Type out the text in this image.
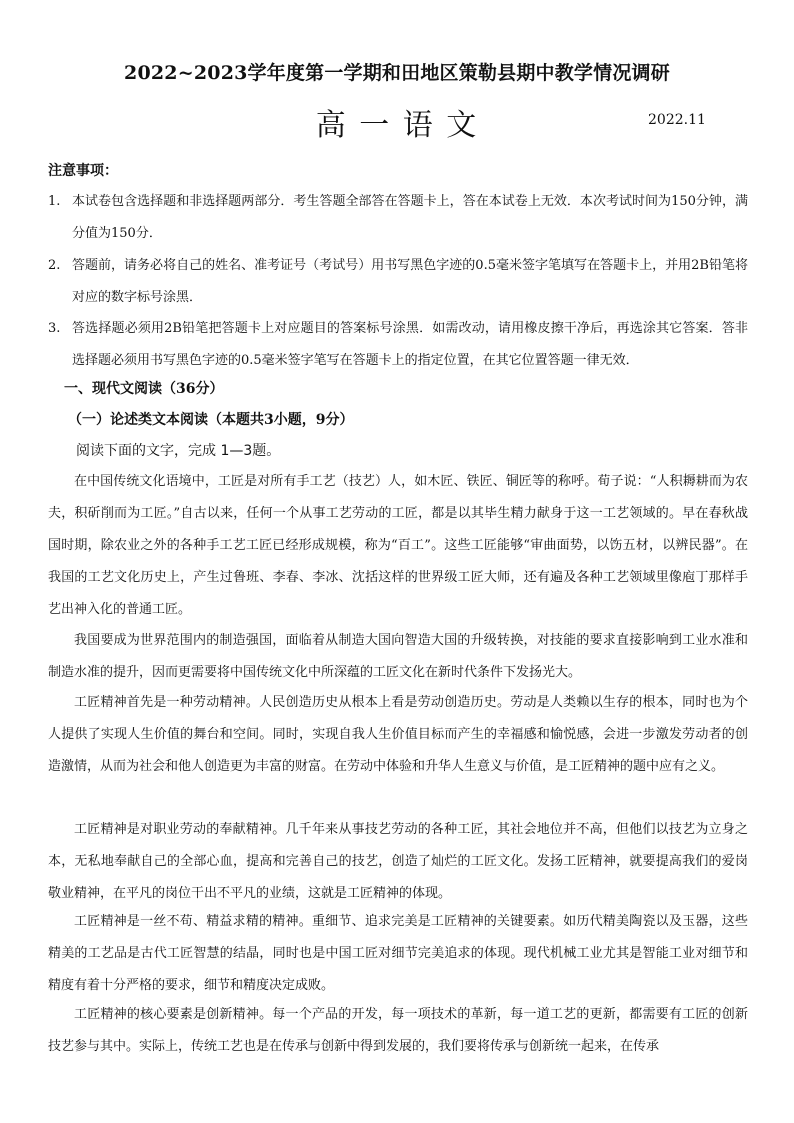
2022~2023学年度第一学期和田地区策勒县期中教学情况调研
高 一 语 文	2022.11
注意事项：
1. 本试卷包含选择题和非选择题两部分．考生答题全部答在答题卡上，答在本试卷上无效．本次考试时间为150分钟，满分值为150分．
2. 答题前，请务必将自己的姓名、准考证号（考试号）用书写黑色字迹的0.5毫米签字笔填写在答题卡上，并用2B铅笔将对应的数字标号涂黑．
3. 答选择题必须用2B铅笔把答题卡上对应题目的答案标号涂黑．如需改动，请用橡皮擦干净后，再选涂其它答案．答非选择题必须用书写黑色字迹的0.5毫米签字笔写在答题卡上的指定位置，在其它位置答题一律无效．
一、现代文阅读（36分）
（一）论述类文本阅读（本题共3小题，9分）
阅读下面的文字，完成 1—3题。

在中国传统文化语境中，工匠是对所有手工艺（技艺）人，如木匠、铁匠、铜匠等的称呼。荀子说：“人积耨耕而为农夫，积斫削而为工匠。”自古以来，任何一个从事工艺劳动的工匠，都是以其毕生精力献身于这一工艺领域的。早在春秋战国时期，除农业之外的各种手工艺工匠已经形成规模，称为“百工”。这些工匠能够“审曲面势，以饬五材，以辨民器”。在我国的工艺文化历史上，产生过鲁班、李春、李冰、沈括这样的世界级工匠大师，还有遍及各种工艺领域里像庖丁那样手艺出神入化的普通工匠。

我国要成为世界范围内的制造强国，面临着从制造大国向智造大国的升级转换，对技能的要求直接影响到工业水准和制造水准的提升，因而更需要将中国传统文化中所深蕴的工匠文化在新时代条件下发扬光大。

工匠精神首先是一种劳动精神。人民创造历史从根本上看是劳动创造历史。劳动是人类赖以生存的根本，同时也为个人提供了实现人生价值的舞台和空间。同时，实现自我人生价值目标而产生的幸福感和愉悦感，会进一步激发劳动者的创造激情，从而为社会和他人创造更为丰富的财富。在劳动中体验和升华人生意义与价值，是工匠精神的题中应有之义。

工匠精神是对职业劳动的奉献精神。几千年来从事技艺劳动的各种工匠，其社会地位并不高，但他们以技艺为立身之本，无私地奉献自己的全部心血，提高和完善自己的技艺，创造了灿烂的工匠文化。发扬工匠精神，就要提高我们的爱岗敬业精神，在平凡的岗位干出不平凡的业绩，这就是工匠精神的体现。

工匠精神是一丝不苟、精益求精的精神。重细节、追求完美是工匠精神的关键要素。如历代精美陶瓷以及玉器，这些精美的工艺品是古代工匠智慧的结晶，同时也是中国工匠对细节完美追求的体现。现代机械工业尤其是智能工业对细节和精度有着十分严格的要求，细节和精度决定成败。

工匠精神的核心要素是创新精神。每一个产品的开发，每一项技术的革新，每一道工艺的更新，都需要有工匠的创新技艺参与其中。实际上，传统工艺也是在传承与创新中得到发展的，我们要将传承与创新统一起来，在传承
